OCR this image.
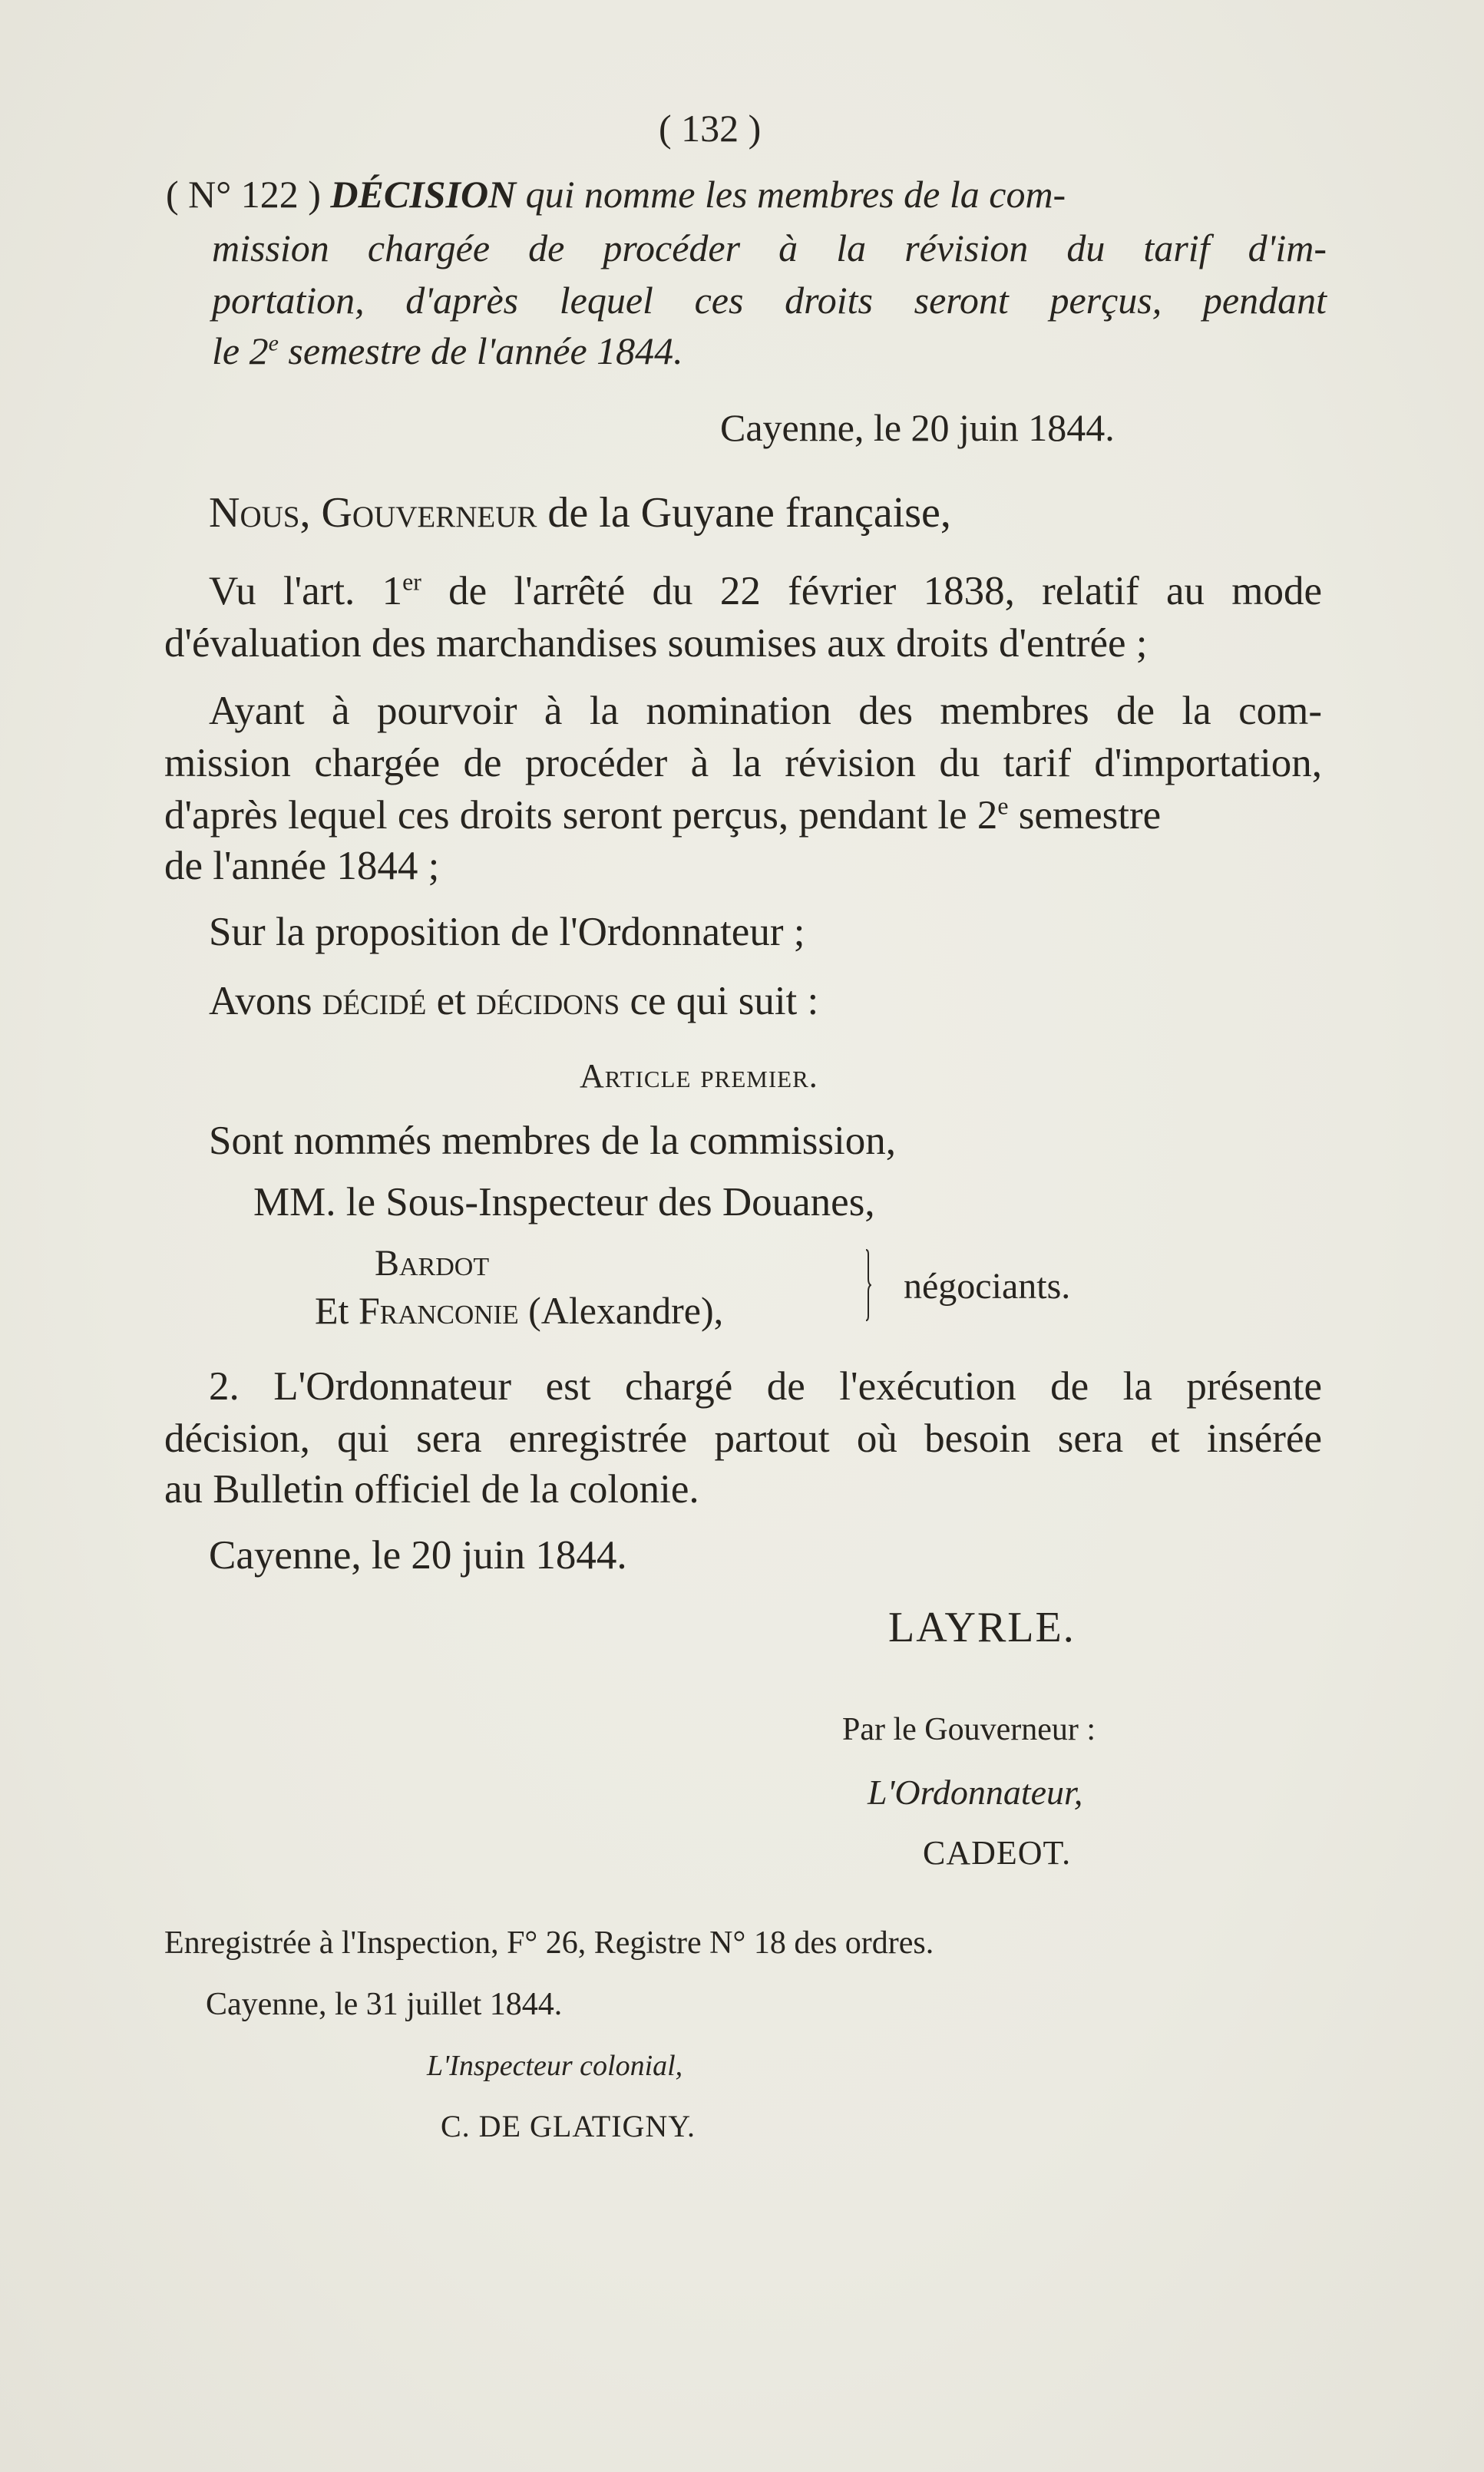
( 132 )
( N° 122 ) DÉCISION qui nomme les membres de la com-
mission chargée de procéder à la révision du tarif d'im-
portation, d'après lequel ces droits seront perçus, pendant
le 2e semestre de l'année 1844.
Cayenne, le 20 juin 1844.
Nous, Gouverneur de la Guyane française,
Vu l'art. 1er de l'arrêté du 22 février 1838, relatif au mode
d'évaluation des marchandises soumises aux droits d'entrée ;
Ayant à pourvoir à la nomination des membres de la com-
mission chargée de procéder à la révision du tarif d'importation,
d'après lequel ces droits seront perçus, pendant le 2e semestre
de l'année 1844 ;
Sur la proposition de l'Ordonnateur ;
Avons décidé et décidons ce qui suit :
Article premier.
Sont nommés membres de la commission,
MM. le Sous-Inspecteur des Douanes,
Bardot
Et Franconie (Alexandre),
négociants.
2. L'Ordonnateur est chargé de l'exécution de la présente
décision, qui sera enregistrée partout où besoin sera et insérée
au Bulletin officiel de la colonie.
Cayenne, le 20 juin 1844.
LAYRLE.
Par le Gouverneur :
L'Ordonnateur,
CADEOT.
Enregistrée à l'Inspection, F° 26, Registre N° 18 des ordres.
Cayenne, le 31 juillet 1844.
L'Inspecteur colonial,
C. DE GLATIGNY.
